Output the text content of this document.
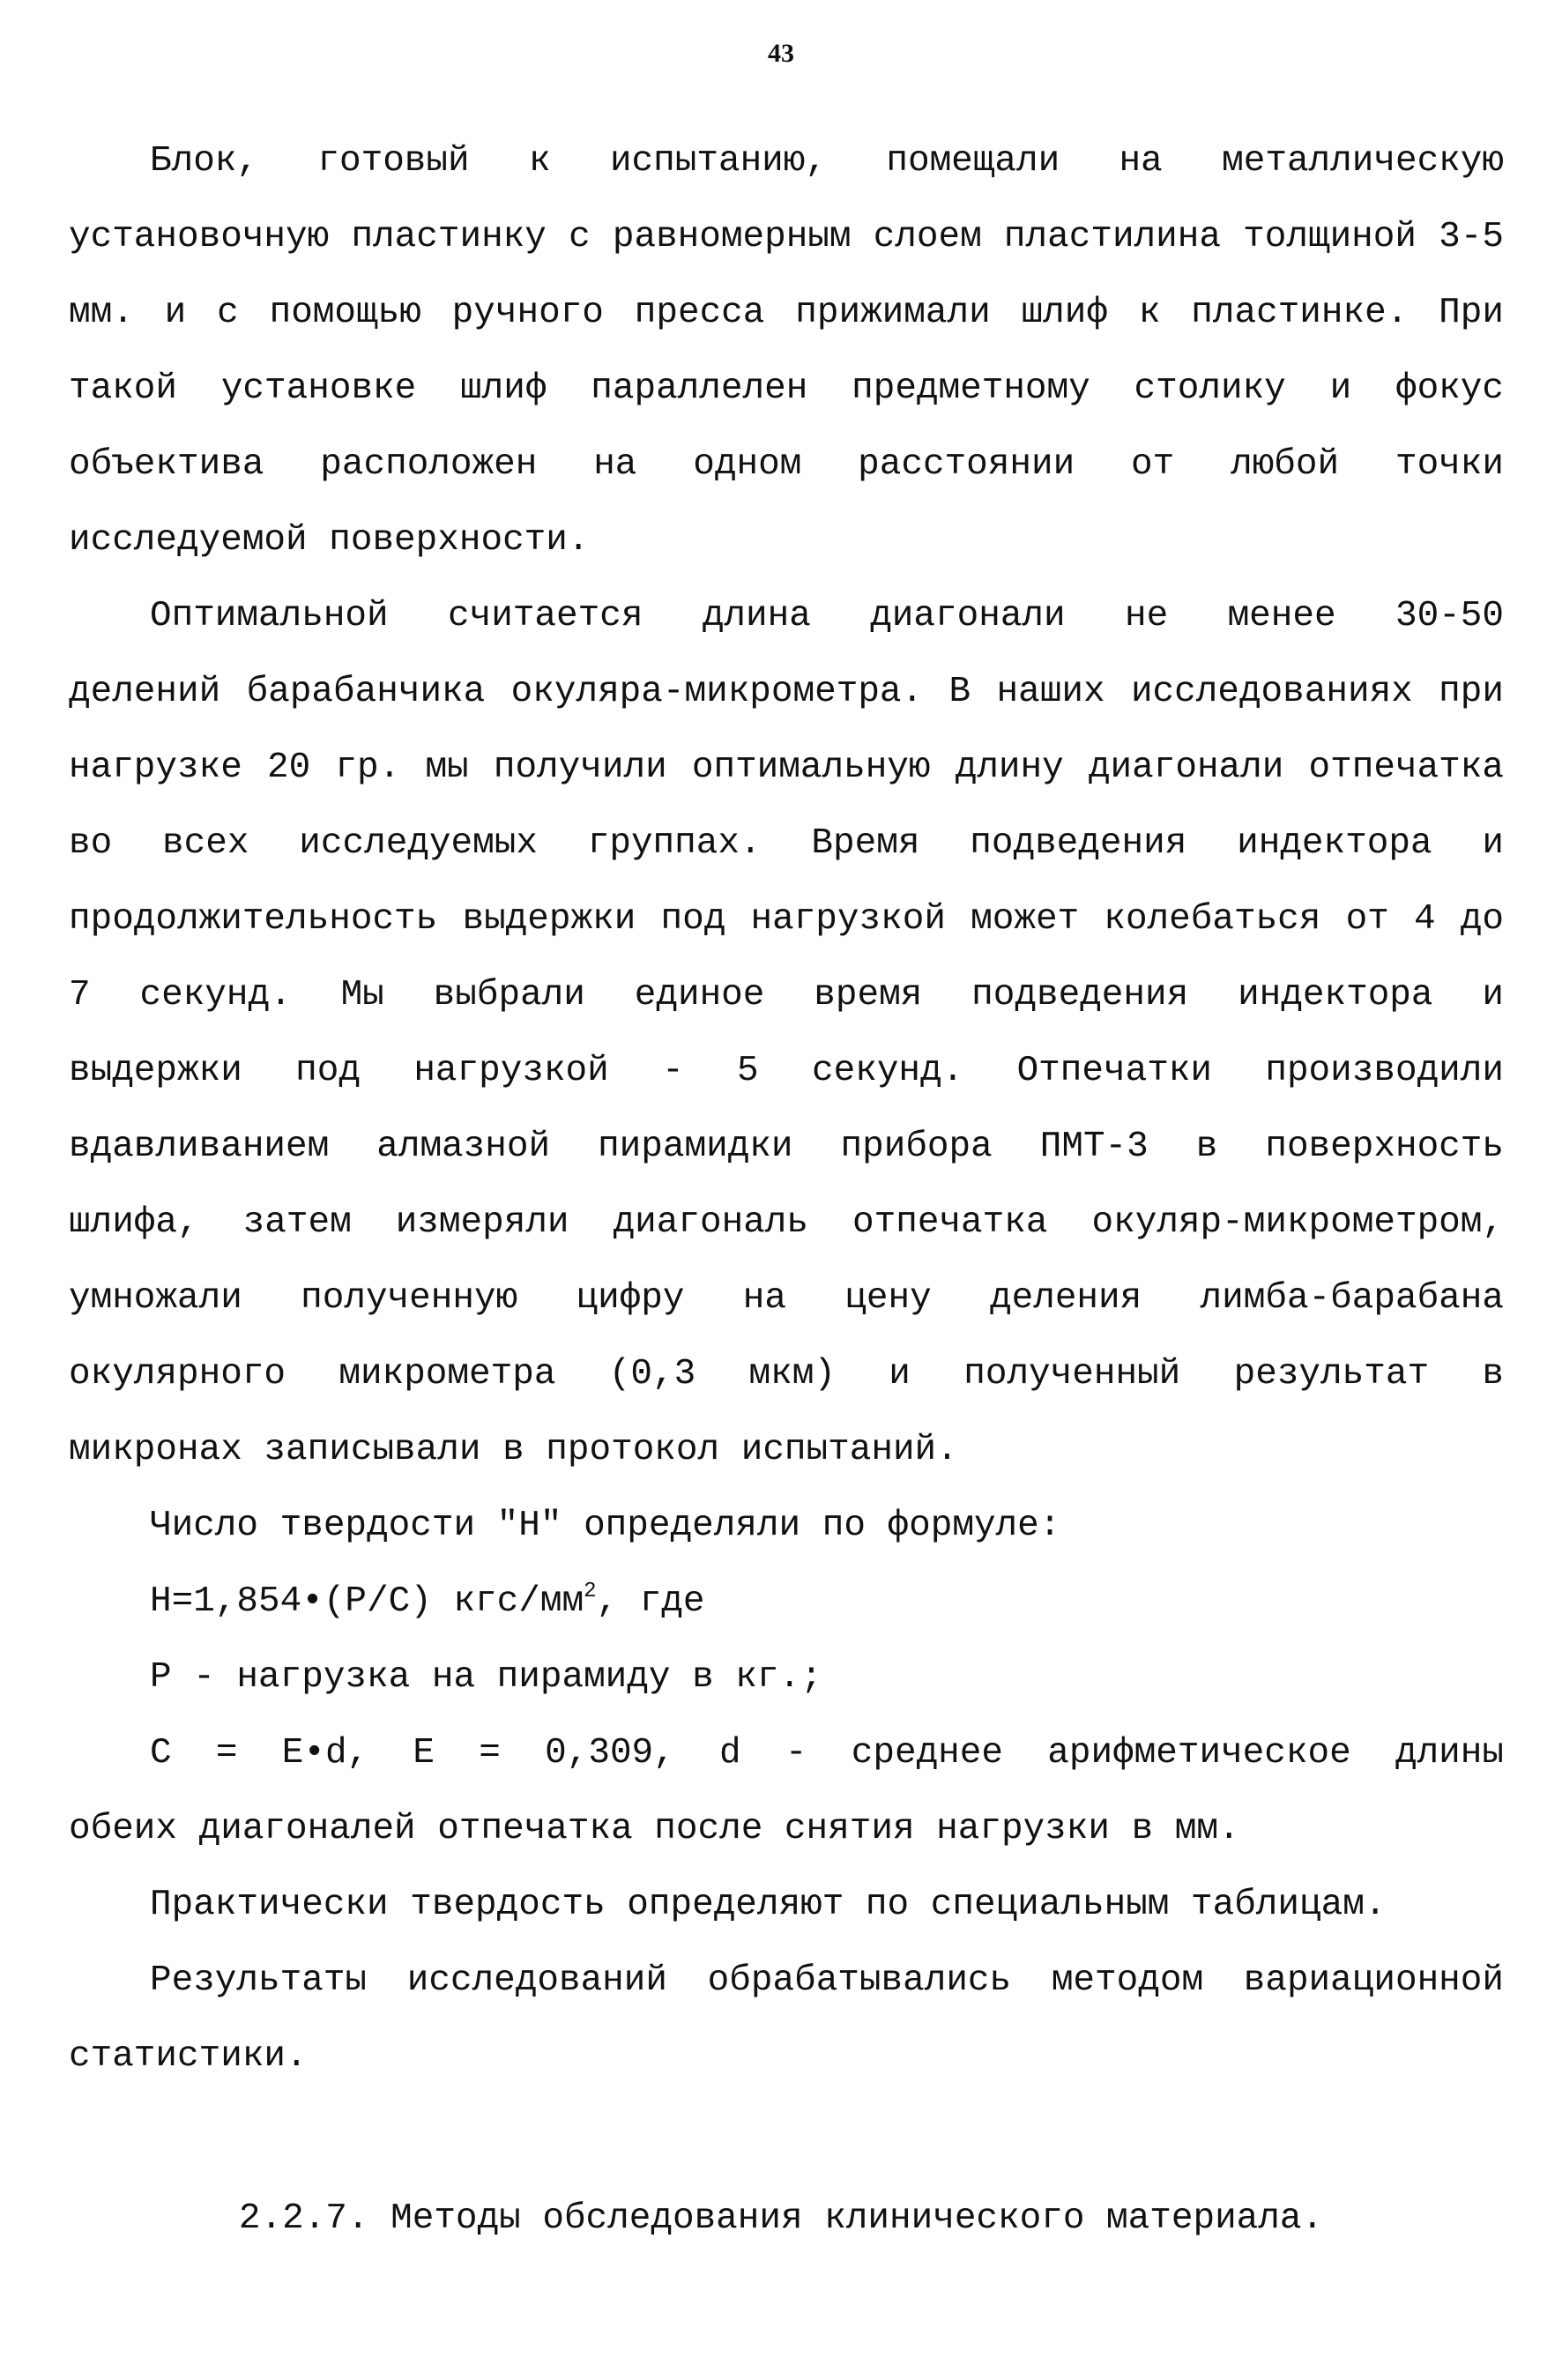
43
Блок, готовый к испытанию, помещали на металлическую
установочную пластинку с равномерным слоем пластилина толщиной 3-5
мм. и с помощью ручного пресса прижимали шлиф к пластинке. При
такой установке шлиф параллелен предметному столику и фокус
объектива расположен на одном расстоянии от любой точки
исследуемой поверхности.
Оптимальной считается длина диагонали не менее 30-50
делений барабанчика окуляра-микрометра. В наших исследованиях при
нагрузке 20 гр. мы получили оптимальную длину диагонали отпечатка
во всех исследуемых группах. Время подведения индектора и
продолжительность выдержки под нагрузкой может колебаться от 4 до
7 секунд. Мы выбрали единое время подведения индектора и
выдержки под нагрузкой - 5 секунд. Отпечатки производили
вдавливанием алмазной пирамидки прибора ПМТ-3 в поверхность
шлифа, затем измеряли диагональ отпечатка окуляр-микрометром,
умножали полученную цифру на цену деления лимба-барабана
окулярного микрометра (0,3 мкм) и полученный результат в
микронах записывали в протокол испытаний.
Число твердости "Н" определяли по формуле:
Н=1,854•(P/C) кгс/$мм^2$, где
Р - нагрузка на пирамиду в кг.;
С = Е•d, Е = 0,309, d - среднее арифметическое длины
обеих диагоналей отпечатка после снятия нагрузки в мм.
Практически твердость определяют по специальным таблицам.
Результаты исследований обрабатывались методом вариационной
статистики.
2.2.7. Методы обследования клинического материала.
